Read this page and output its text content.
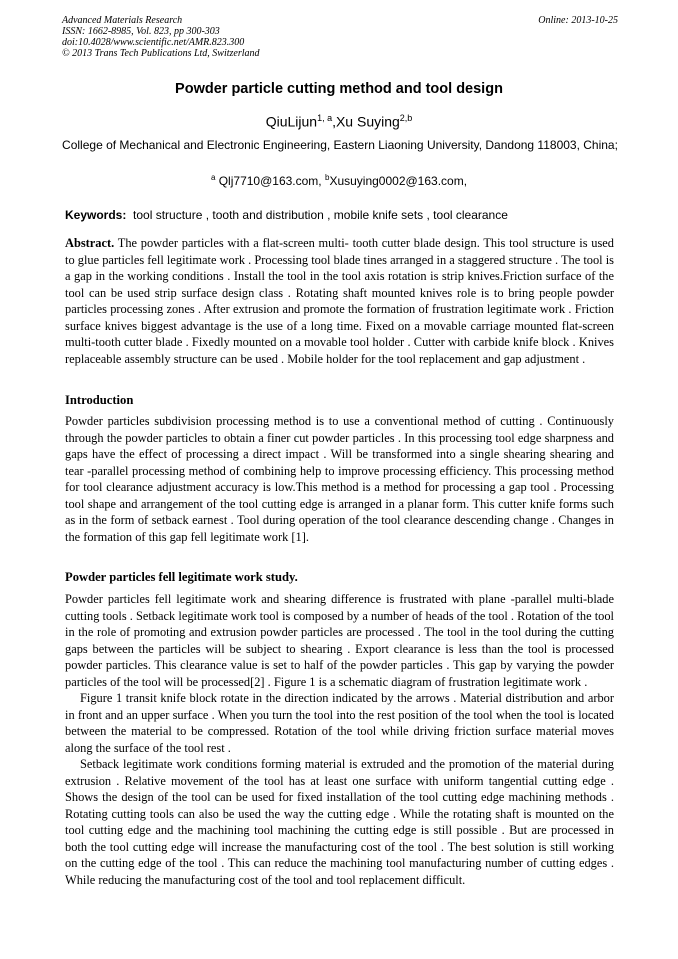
Advanced Materials Research
ISSN: 1662-8985, Vol. 823, pp 300-303
doi:10.4028/www.scientific.net/AMR.823.300
© 2013 Trans Tech Publications Ltd, Switzerland
Online: 2013-10-25
Powder particle cutting method and tool design
QiuLijun$^{1, a}$,Xu Suying$^{2,b}$
College of Mechanical and Electronic Engineering, Eastern Liaoning University, Dandong 118003, China;
$^a$ Qlj7710@163.com, $^b$Xusuying0002@163.com,
Keywords: tool structure , tooth and distribution , mobile knife sets , tool clearance

Abstract. The powder particles with a flat-screen multi- tooth cutter blade design. This tool structure is used to glue particles fell legitimate work . Processing tool blade tines arranged in a staggered structure . The tool is a gap in the working conditions . Install the tool in the tool axis rotation is strip knives.Friction surface of the tool can be used strip surface design class . Rotating shaft mounted knives role is to bring people powder particles processing zones . After extrusion and promote the formation of frustration legitimate work . Friction surface knives biggest advantage is the use of a long time. Fixed on a movable carriage mounted flat-screen multi-tooth cutter blade . Fixedly mounted on a movable tool holder . Cutter with carbide knife block . Knives replaceable assembly structure can be used . Mobile holder for the tool replacement and gap adjustment .

Introduction

Powder particles subdivision processing method is to use a conventional method of cutting . Continuously through the powder particles to obtain a finer cut powder particles . In this processing tool edge sharpness and gaps have the effect of processing a direct impact . Will be transformed into a single shearing shearing and tear -parallel processing method of combining help to improve processing efficiency. This processing method for tool clearance adjustment accuracy is low.This method is a method for processing a gap tool . Processing tool shape and arrangement of the tool cutting edge is arranged in a planar form. This cutter knife forms such as in the form of setback earnest . Tool during operation of the tool clearance descending change . Changes in the formation of this gap fell legitimate work [1].

Powder particles fell legitimate work study.

Powder particles fell legitimate work and shearing difference is frustrated with plane -parallel multi-blade cutting tools . Setback legitimate work tool is composed by a number of heads of the tool . Rotation of the tool in the role of promoting and extrusion powder particles are processed . The tool in the tool during the cutting gaps between the particles will be subject to shearing . Export clearance is less than the tool is processed powder particles. This clearance value is set to half of the powder particles . This gap by varying the powder particles of the tool will be processed[2] . Figure 1 is a schematic diagram of frustration legitimate work .

Figure 1 transit knife block rotate in the direction indicated by the arrows . Material distribution and arbor in front and an upper surface . When you turn the tool into the rest position of the tool when the tool is located between the material to be compressed. Rotation of the tool while driving friction surface material moves along the surface of the tool rest .

Setback legitimate work conditions forming material is extruded and the promotion of the material during extrusion . Relative movement of the tool has at least one surface with uniform tangential cutting edge . Shows the design of the tool can be used for fixed installation of the tool cutting edge machining methods . Rotating cutting tools can also be used the way the cutting edge . While the rotating shaft is mounted on the tool cutting edge and the machining tool machining the cutting edge is still possible . But are processed in both the tool cutting edge will increase the manufacturing cost of the tool . The best solution is still working on the cutting edge of the tool . This can reduce the machining tool manufacturing number of cutting edges . While reducing the manufacturing cost of the tool and tool replacement difficult.
